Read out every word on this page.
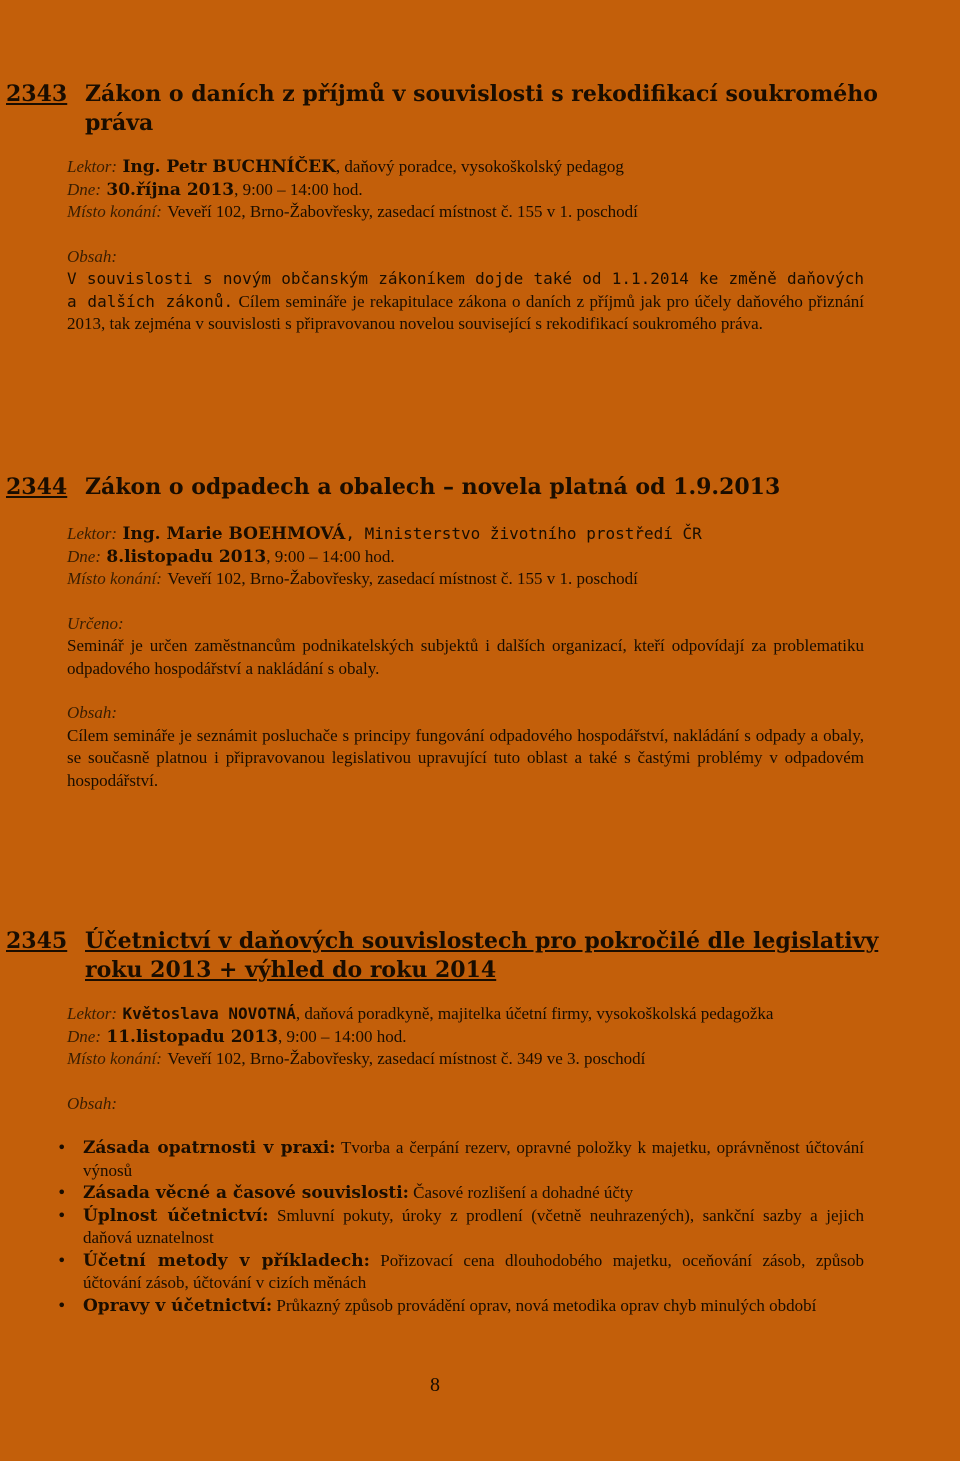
2343 Zákon o daních z příjmů v souvislosti s rekodifikací soukromého práva
Lektor: Ing. Petr BUCHNÍČEK, daňový poradce, vysokoškolský pedagog
Dne: 30.října 2013, 9:00 – 14:00 hod.
Místo konání: Veveří 102, Brno-Žabovřesky, zasedací místnost č. 155 v 1. poschodí
Obsah:
V souvislosti s novým občanským zákoníkem dojde také od 1.1.2014 ke změně daňových a dalších zákonů. Cílem semináře je rekapitulace zákona o daních z příjmů jak pro účely daňového přiznání 2013, tak zejména v souvislosti s připravovanou novelou související s rekodifikací soukromého práva.
2344 Zákon o odpadech a obalech – novela platná od 1.9.2013
Lektor: Ing. Marie BOEHMOVÁ, Ministerstvo životního prostředí ČR
Dne: 8.listopadu 2013, 9:00 – 14:00 hod.
Místo konání: Veveří 102, Brno-Žabovřesky, zasedací místnost č. 155 v 1. poschodí
Určeno:
Seminář je určen zaměstnancům podnikatelských subjektů i dalších organizací, kteří odpovídají za problematiku odpadového hospodářství a nakládání s obaly.
Obsah:
Cílem semináře je seznámit posluchače s principy fungování odpadového hospodářství, nakládání s odpady a obaly, se současně platnou i připravovanou legislativou upravující tuto oblast a také s častými problémy v odpadovém hospodářství.
2345 Účetnictví v daňových souvislostech pro pokročilé dle legislativy roku 2013 + výhled do roku 2014
Lektor: Květoslava NOVOTNÁ, daňová poradkyně, majitelka účetní firmy, vysokoškolská pedagožka
Dne: 11.listopadu 2013, 9:00 – 14:00 hod.
Místo konání: Veveří 102, Brno-Žabovřesky, zasedací místnost č. 349 ve 3. poschodí
Obsah:
• Zásada opatrnosti v praxi: Tvorba a čerpání rezerv, opravné položky k majetku, oprávněnost účtování výnosů
• Zásada věcné a časové souvislosti: Časové rozlišení a dohadné účty
• Úplnost účetnictví: Smluvní pokuty, úroky z prodlení (včetně neuhrazených), sankční sazby a jejich daňová uznatelnost
• Účetní metody v příkladech: Pořizovací cena dlouhodobého majetku, oceňování zásob, způsob účtování zásob, účtování v cizích měnách
• Opravy v účetnictví: Průkazný způsob provádění oprav, nová metodika oprav chyb minulých období
8
